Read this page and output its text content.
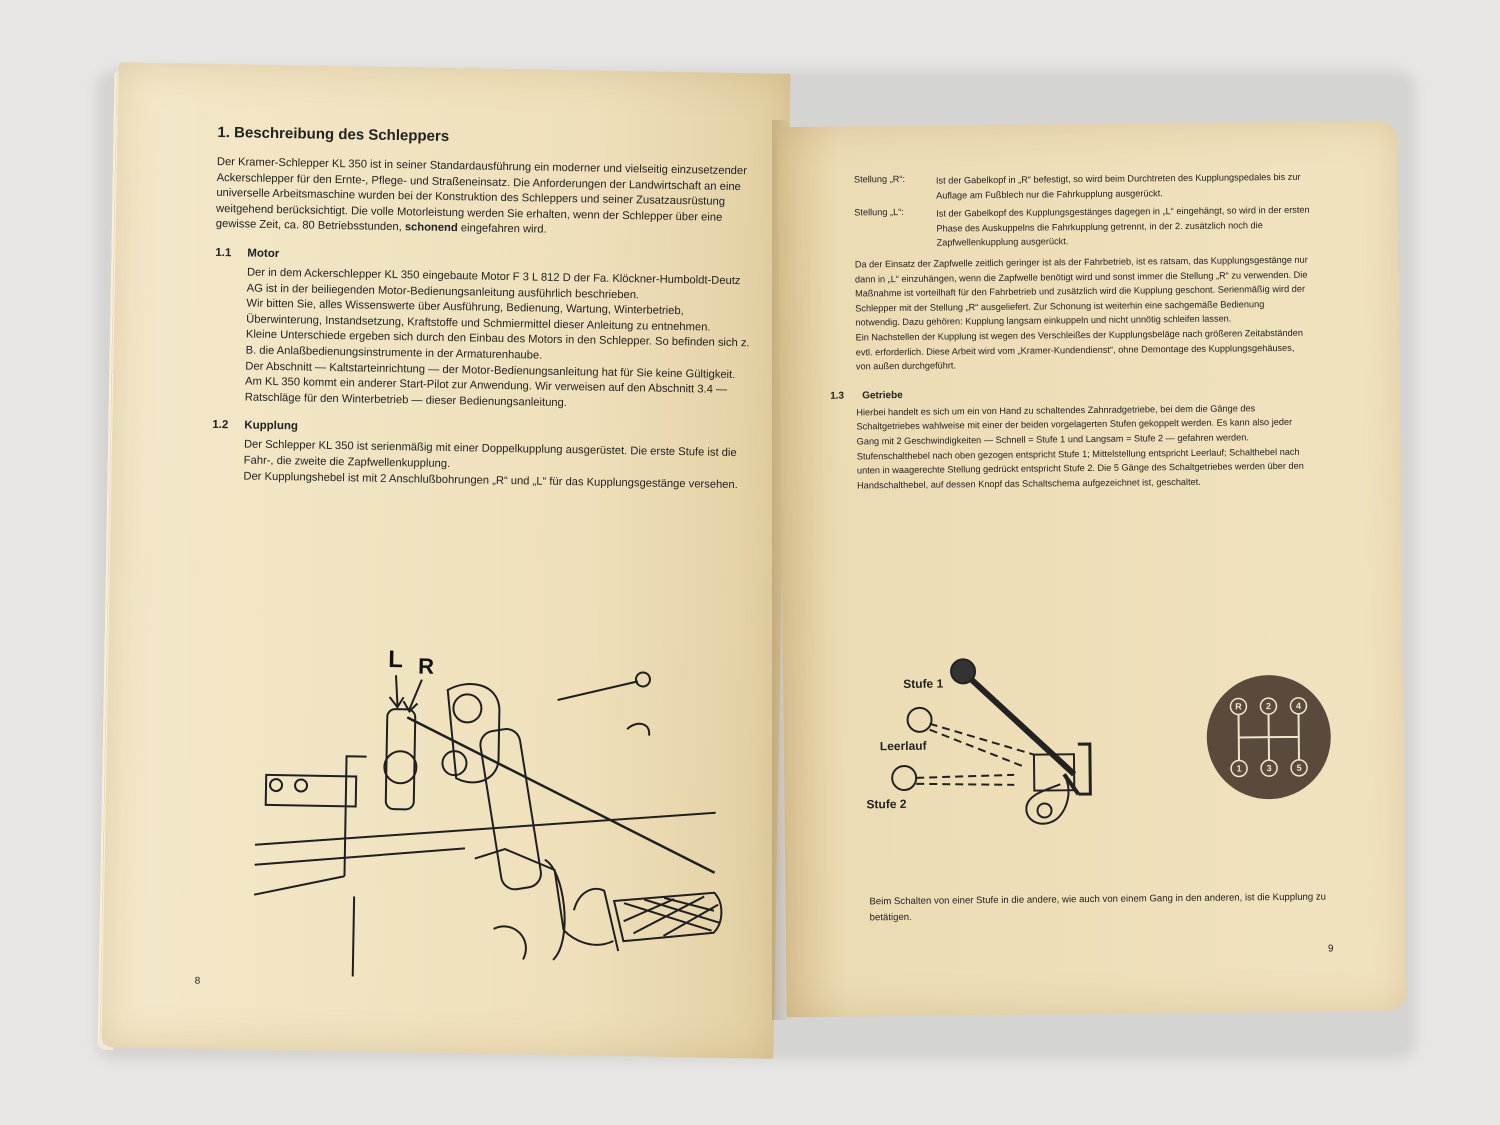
1. Beschreibung des Schleppers

Der Kramer-Schlepper KL 350 ist in seiner Standardausführung ein moderner und vielseitig einzusetzender Ackerschlepper für den Ernte-, Pflege- und Straßeneinsatz. Die Anforderungen der Landwirtschaft an eine universelle Arbeitsmaschine wurden bei der Konstruktion des Schleppers und seiner Zusatzausrüstung weitgehend berücksichtigt. Die volle Motorleistung werden Sie erhalten, wenn der Schlepper über eine gewisse Zeit, ca. 80 Betriebsstunden, schonend eingefahren wird.

1.1	Motor

Der in dem Ackerschlepper KL 350 eingebaute Motor F 3 L 812 D der Fa. Klöckner-Humboldt-Deutz AG ist in der beiliegenden Motor-Bedienungsanleitung ausführlich beschrieben.

Wir bitten Sie, alles Wissenswerte über Ausführung, Bedienung, Wartung, Winterbetrieb, Überwinterung, Instandsetzung, Kraftstoffe und Schmiermittel dieser Anleitung zu entnehmen.

Kleine Unterschiede ergeben sich durch den Einbau des Motors in den Schlepper. So befinden sich z. B. die Anlaßbedienungsinstrumente in der Armaturenhaube.

Der Abschnitt — Kaltstarteinrichtung — der Motor-Bedienungsanleitung hat für Sie keine Gültigkeit. Am KL 350 kommt ein anderer Start-Pilot zur Anwendung. Wir verweisen auf den Abschnitt 3.4 — Ratschläge für den Winterbetrieb — dieser Bedienungsanleitung.

1.2	Kupplung

Der Schlepper KL 350 ist serienmäßig mit einer Doppelkupplung ausgerüstet. Die erste Stufe ist die Fahr-, die zweite die Zapfwellenkupplung.

Der Kupplungshebel ist mit 2 Anschlußbohrungen „R“ und „L“ für das Kupplungsgestänge versehen.

L R
8
Stellung „R“:	Ist der Gabelkopf in „R“ befestigt, so wird beim Durchtreten des Kupplungspedales bis zur Auflage am Fußblech nur die Fahrkupplung ausgerückt.
Stellung „L“:	Ist der Gabelkopf des Kupplungsgestänges dagegen in „L“ eingehängt, so wird in der ersten Phase des Auskuppelns die Fahrkupplung getrennt, in der 2. zusätzlich noch die Zapfwellenkupplung ausgerückt.

Da der Einsatz der Zapfwelle zeitlich geringer ist als der Fahrbetrieb, ist es ratsam, das Kupplungsgestänge nur dann in „L“ einzuhängen, wenn die Zapfwelle benötigt wird und sonst immer die Stellung „R“ zu verwenden. Die Maßnahme ist vorteilhaft für den Fahrbetrieb und zusätzlich wird die Kupplung geschont. Serienmäßig wird der Schlepper mit der Stellung „R“ ausgeliefert. Zur Schonung ist weiterhin eine sachgemäße Bedienung notwendig. Dazu gehören: Kupplung langsam einkuppeln und nicht unnötig schleifen lassen.

Ein Nachstellen der Kupplung ist wegen des Verschleißes der Kupplungsbeläge nach größeren Zeitabständen evtl. erforderlich. Diese Arbeit wird vom „Kramer-Kundendienst“, ohne Demontage des Kupplungsgehäuses, von außen durchgeführt.

1.3	Getriebe

Hierbei handelt es sich um ein von Hand zu schaltendes Zahnradgetriebe, bei dem die Gänge des Schaltgetriebes wahlweise mit einer der beiden vorgelagerten Stufen gekoppelt werden. Es kann also jeder Gang mit 2 Geschwindigkeiten — Schnell = Stufe 1 und Langsam = Stufe 2 — gefahren werden. Stufenschalthebel nach oben gezogen entspricht Stufe 1; Mittelstellung entspricht Leerlauf; Schalthebel nach unten in waagerechte Stellung gedrückt entspricht Stufe 2. Die 5 Gänge des Schaltgetriebes werden über den Handschalthebel, auf dessen Knopf das Schaltschema aufgezeichnet ist, geschaltet.

Stufe 1
Leerlauf
Stufe 2
R	2	4
1	3	5
Beim Schalten von einer Stufe in die andere, wie auch von einem Gang in den anderen, ist die Kupplung zu betätigen.
9
